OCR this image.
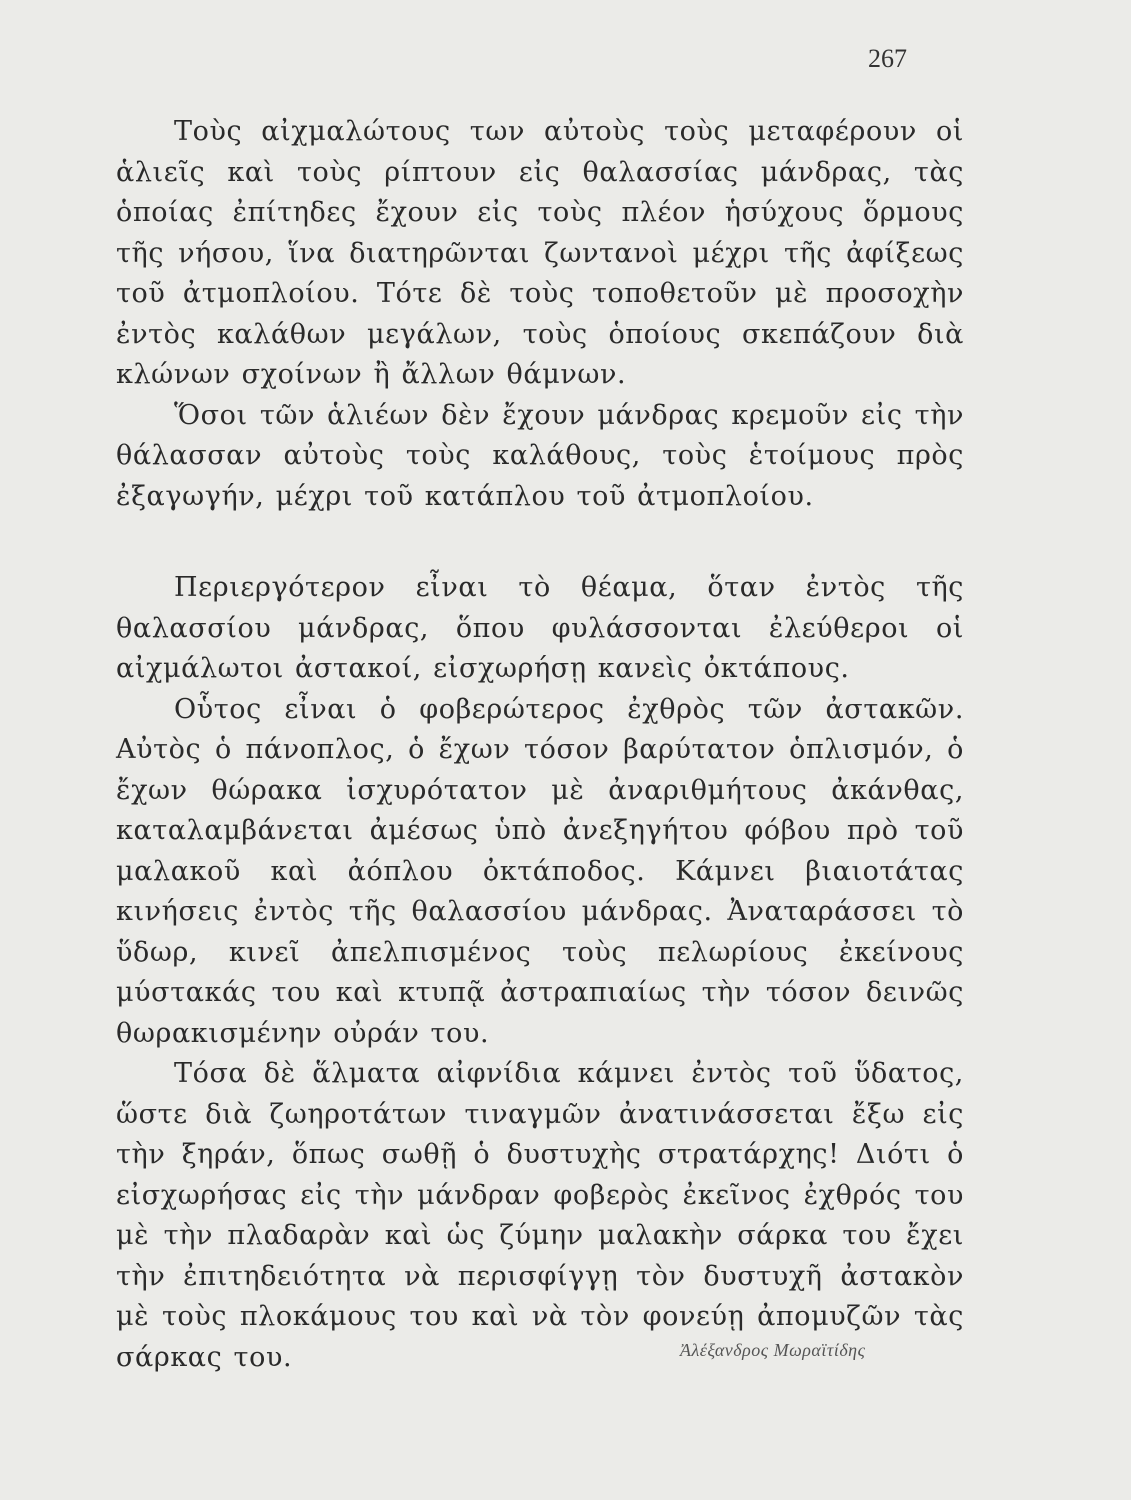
267

Τοὺς αἰχμαλώτους των αὐτοὺς τοὺς μεταφέρουν οἱ ἁλιεῖς καὶ τοὺς ρίπτουν εἰς θαλασσίας μάνδρας, τὰς ὁποίας ἐπίτηδες ἔχουν εἰς τοὺς πλέον ἡσύχους ὅρμους τῆς νήσου, ἵνα διατηρῶνται ζωντανοὶ μέχρι τῆς ἀφίξεως τοῦ ἀτμοπλοίου. Τότε δὲ τοὺς τοποθετοῦν μὲ προσοχὴν ἐντὸς καλάθων μεγάλων, τοὺς ὁποίους σκεπάζουν διὰ κλώνων σχοίνων ἢ ἄλλων θάμνων.

Ὅσοι τῶν ἁλιέων δὲν ἔχουν μάνδρας κρεμοῦν εἰς τὴν θάλασσαν αὐτοὺς τοὺς καλάθους, τοὺς ἑτοίμους πρὸς ἐξαγωγήν, μέχρι τοῦ κατάπλου τοῦ ἀτμοπλοίου.

Περιεργότερον εἶναι τὸ θέαμα, ὅταν ἐντὸς τῆς θαλασσίου μάνδρας, ὅπου φυλάσσονται ἐλεύθεροι οἱ αἰχμάλωτοι ἀστακοί, εἰσχωρήσῃ κανεὶς ὀκτάπους.

Οὗτος εἶναι ὁ φοβερώτερος ἐχθρὸς τῶν ἀστακῶν. Αὐτὸς ὁ πάνοπλος, ὁ ἔχων τόσον βαρύτατον ὁπλισμόν, ὁ ἔχων θώρακα ἰσχυρότατον μὲ ἀναριθμήτους ἀκάνθας, καταλαμβάνεται ἀμέσως ὑπὸ ἀνεξηγήτου φόβου πρὸ τοῦ μαλακοῦ καὶ ἀόπλου ὀκτάποδος. Κάμνει βιαιοτάτας κινήσεις ἐντὸς τῆς θαλασσίου μάνδρας. Ἀναταράσσει τὸ ὕδωρ, κινεῖ ἀπελπισμένος τοὺς πελωρίους ἐκείνους μύστακάς του καὶ κτυπᾷ ἀστραπιαίως τὴν τόσον δεινῶς θωρακισμένην οὐράν του.

Τόσα δὲ ἅλματα αἰφνίδια κάμνει ἐντὸς τοῦ ὕδατος, ὥστε διὰ ζωηροτάτων τιναγμῶν ἀνατινάσσεται ἔξω εἰς τὴν ξηράν, ὅπως σωθῇ ὁ δυστυχὴς στρατάρχης! Διότι ὁ εἰσχωρήσας εἰς τὴν μάνδραν φοβερὸς ἐκεῖνος ἐχθρός του μὲ τὴν πλαδαρὰν καὶ ὡς ζύμην μαλακὴν σάρκα του ἔχει τὴν ἐπιτηδειότητα νὰ περισφίγγῃ τὸν δυστυχῆ ἀστακὸν μὲ τοὺς πλοκάμους του καὶ νὰ τὸν φονεύῃ ἀπομυζῶν τὰς σάρκας του.	Ἀλέξανδρος Μωραϊτίδης
